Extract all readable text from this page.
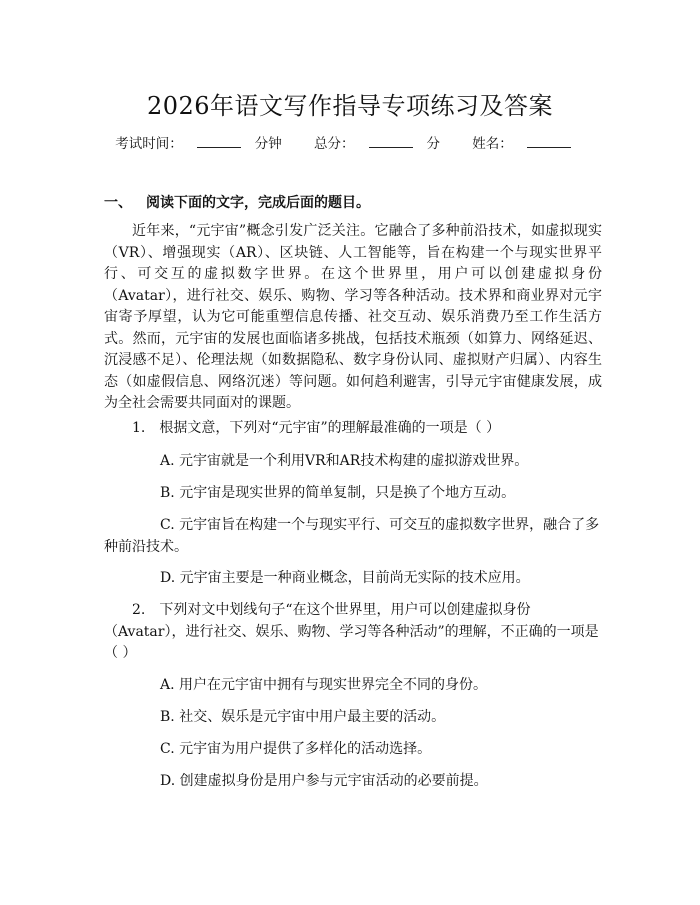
2026年语文写作指导专项练习及答案
考试时间：	分钟 总分：	分 姓名：
一、 阅读下面的文字，完成后面的题目。
近年来，“元宇宙”概念引发广泛关注。它融合了多种前沿技术，如虚拟现实（VR）、增强现实（AR）、区块链、人工智能等，旨在构建一个与现实世界平行、可交互的虚拟数字世界。在这个世界里，用户可以创建虚拟身份（Avatar），进行社交、娱乐、购物、学习等各种活动。技术界和商业界对元宇宙寄予厚望，认为它可能重塑信息传播、社交互动、娱乐消费乃至工作生活方式。然而，元宇宙的发展也面临诸多挑战，包括技术瓶颈（如算力、网络延迟、沉浸感不足）、伦理法规（如数据隐私、数字身份认同、虚拟财产归属）、内容生态（如虚假信息、网络沉迷）等问题。如何趋利避害，引导元宇宙健康发展，成为全社会需要共同面对的课题。
1.　根据文意，下列对“元宇宙”的理解最准确的一项是（ ）
A. 元宇宙就是一个利用VR和AR技术构建的虚拟游戏世界。
B. 元宇宙是现实世界的简单复制，只是换了个地方互动。
C. 元宇宙旨在构建一个与现实平行、可交互的虚拟数字世界，融合了多种前沿技术。
D. 元宇宙主要是一种商业概念，目前尚无实际的技术应用。
2.　下列对文中划线句子“在这个世界里，用户可以创建虚拟身份（Avatar），进行社交、娱乐、购物、学习等各种活动”的理解，不正确的一项是（ ）
A. 用户在元宇宙中拥有与现实世界完全不同的身份。
B. 社交、娱乐是元宇宙中用户最主要的活动。
C. 元宇宙为用户提供了多样化的活动选择。
D. 创建虚拟身份是用户参与元宇宙活动的必要前提。
